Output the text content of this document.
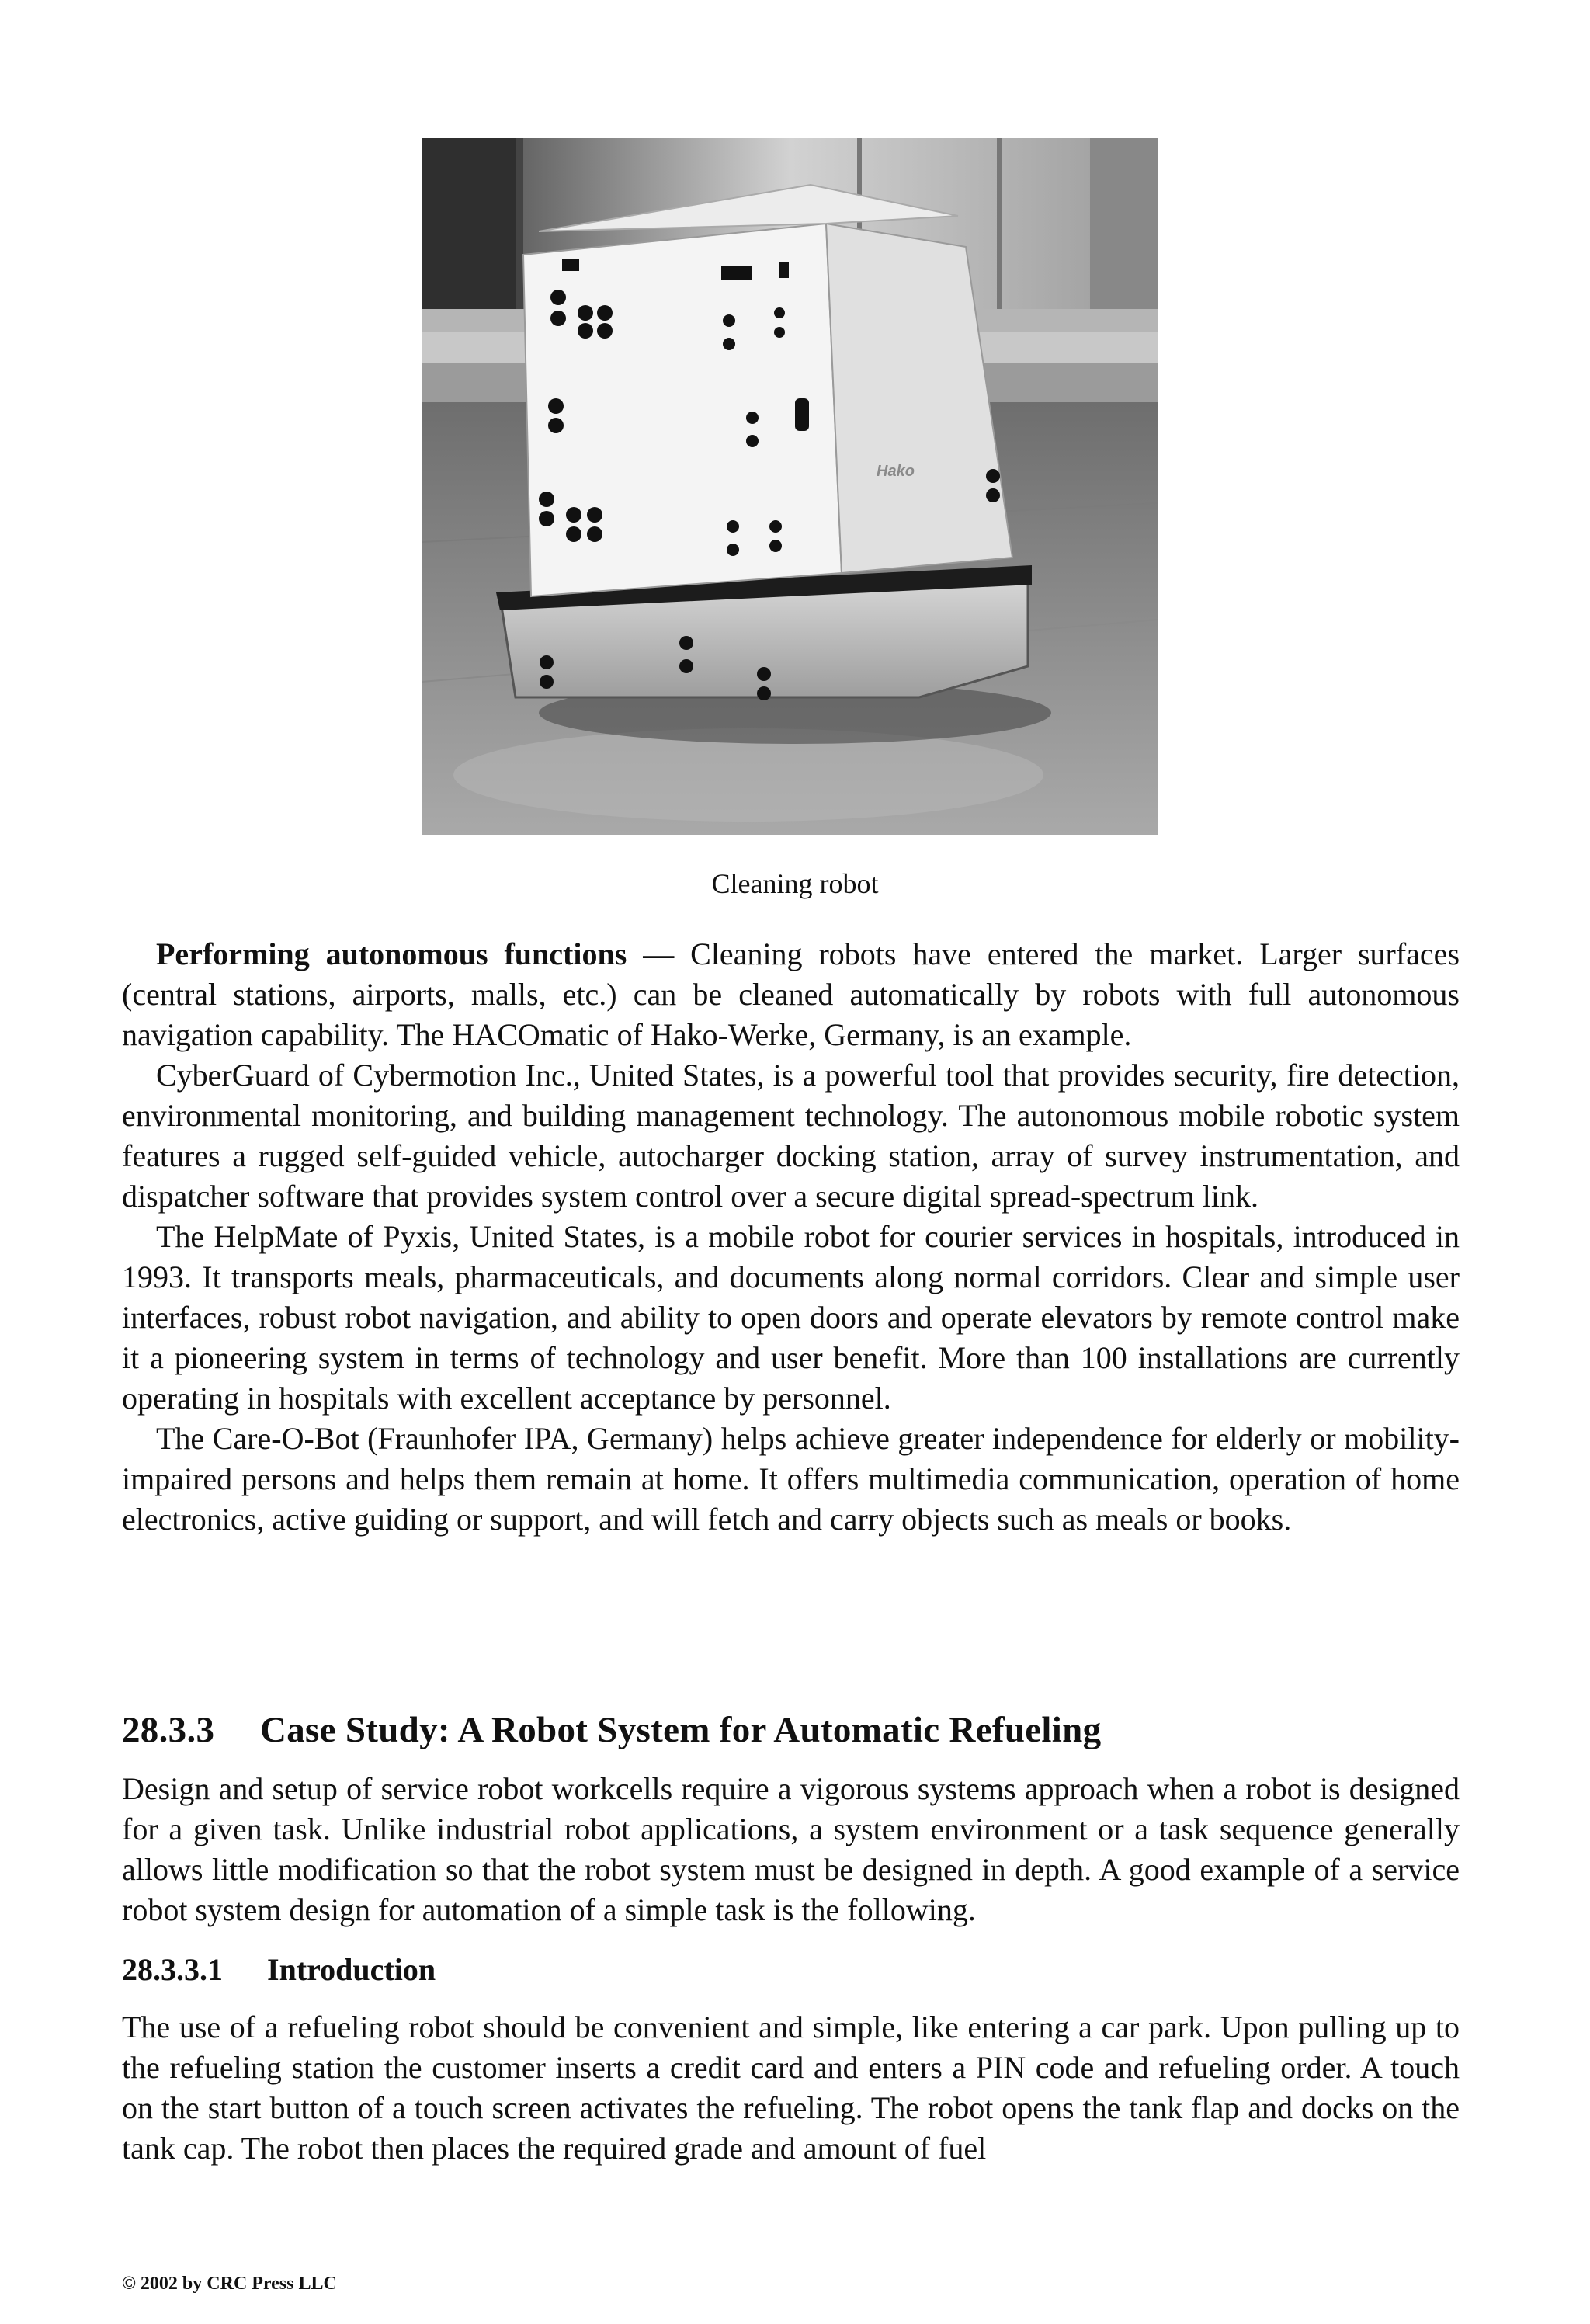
Hako
Cleaning robot

Performing autonomous functions — Cleaning robots have entered the market. Larger surfaces (central stations, airports, malls, etc.) can be cleaned automatically by robots with full autonomous navigation capability. The HACOmatic of Hako-Werke, Germany, is an example.

CyberGuard of Cybermotion Inc., United States, is a powerful tool that provides security, fire detection, environmental monitoring, and building management technology. The autonomous mobile robotic system features a rugged self-guided vehicle, autocharger docking station, array of survey instrumentation, and dispatcher software that provides system control over a secure digital spread-spectrum link.

The HelpMate of Pyxis, United States, is a mobile robot for courier services in hospitals, introduced in 1993. It transports meals, pharmaceuticals, and documents along normal corridors. Clear and simple user interfaces, robust robot navigation, and ability to open doors and operate elevators by remote control make it a pioneering system in terms of technology and user benefit. More than 100 installations are currently operating in hospitals with excellent acceptance by personnel.

The Care-O-Bot (Fraunhofer IPA, Germany) helps achieve greater independence for elderly or mobility-impaired persons and helps them remain at home. It offers multimedia communication, operation of home electronics, active guiding or support, and will fetch and carry objects such as meals or books.

28.3.3 Case Study: A Robot System for Automatic Refueling

Design and setup of service robot workcells require a vigorous systems approach when a robot is designed for a given task. Unlike industrial robot applications, a system environment or a task sequence generally allows little modification so that the robot system must be designed in depth. A good example of a service robot system design for automation of a simple task is the following.

28.3.3.1 Introduction

The use of a refueling robot should be convenient and simple, like entering a car park. Upon pulling up to the refueling station the customer inserts a credit card and enters a PIN code and refueling order. A touch on the start button of a touch screen activates the refueling. The robot opens the tank flap and docks on the tank cap. The robot then places the required grade and amount of fuel

© 2002 by CRC Press LLC
